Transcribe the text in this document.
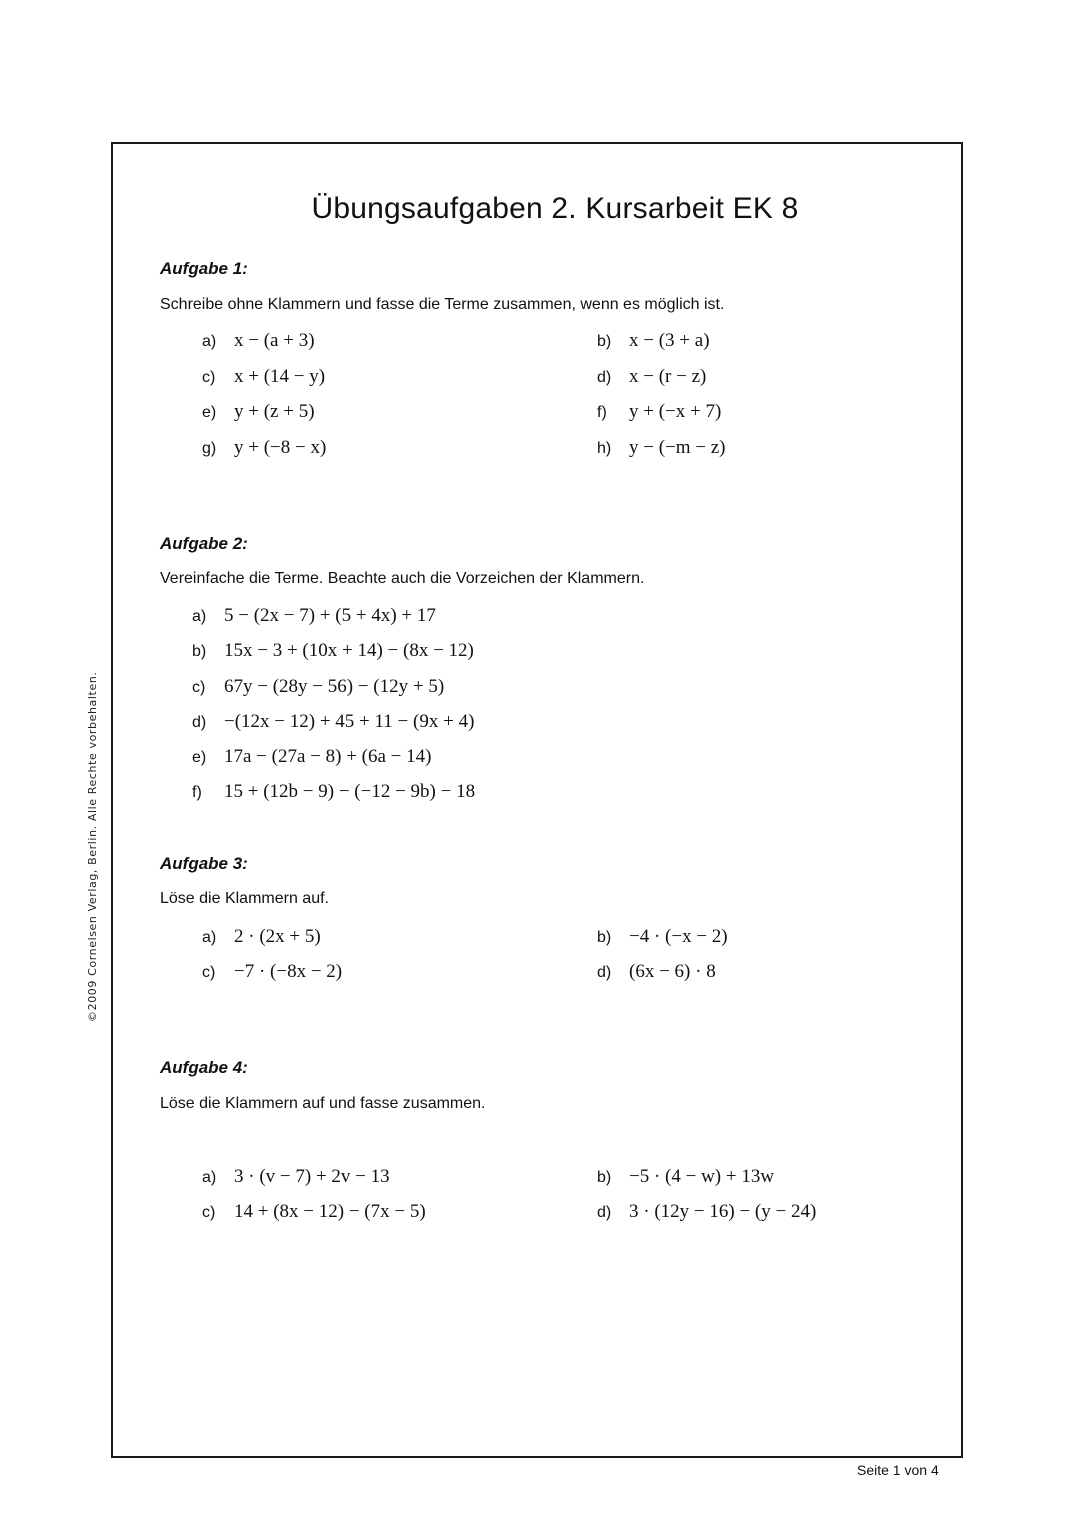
Übungsaufgaben 2. Kursarbeit EK 8
©2009 Cornelsen Verlag, Berlin. Alle Rechte vorbehalten.
Aufgabe 1:
Schreibe ohne Klammern und fasse die Terme zusammen, wenn es möglich ist.
a) x − (a + 3)	b) x − (3 + a)
c) x + (14 − y)	d) x − (r − z)
e) y + (z + 5)	f) y + (−x + 7)
g) y + (−8 − x)	h) y − (−m − z)
Aufgabe 2:
Vereinfache die Terme. Beachte auch die Vorzeichen der Klammern.
a) 5 − (2x − 7) + (5 + 4x) + 17
b) 15x − 3 + (10x + 14) − (8x − 12)
c) 67y − (28y − 56) − (12y + 5)
d) −(12x − 12) + 45 + 11 − (9x + 4)
e) 17a − (27a − 8) + (6a − 14)
f) 15 + (12b − 9) − (−12 − 9b) − 18
Aufgabe 3:
Löse die Klammern auf.
a) 2 · (2x + 5)	b) −4 · (−x − 2)
c) −7 · (−8x − 2)	d) (6x − 6) · 8
Aufgabe 4:
Löse die Klammern auf und fasse zusammen.
a) 3 · (v − 7) + 2v − 13	b) −5 · (4 − w) + 13w
c) 14 + (8x − 12) − (7x − 5)	d) 3 · (12y − 16) − (y − 24)
Seite 1 von 4
